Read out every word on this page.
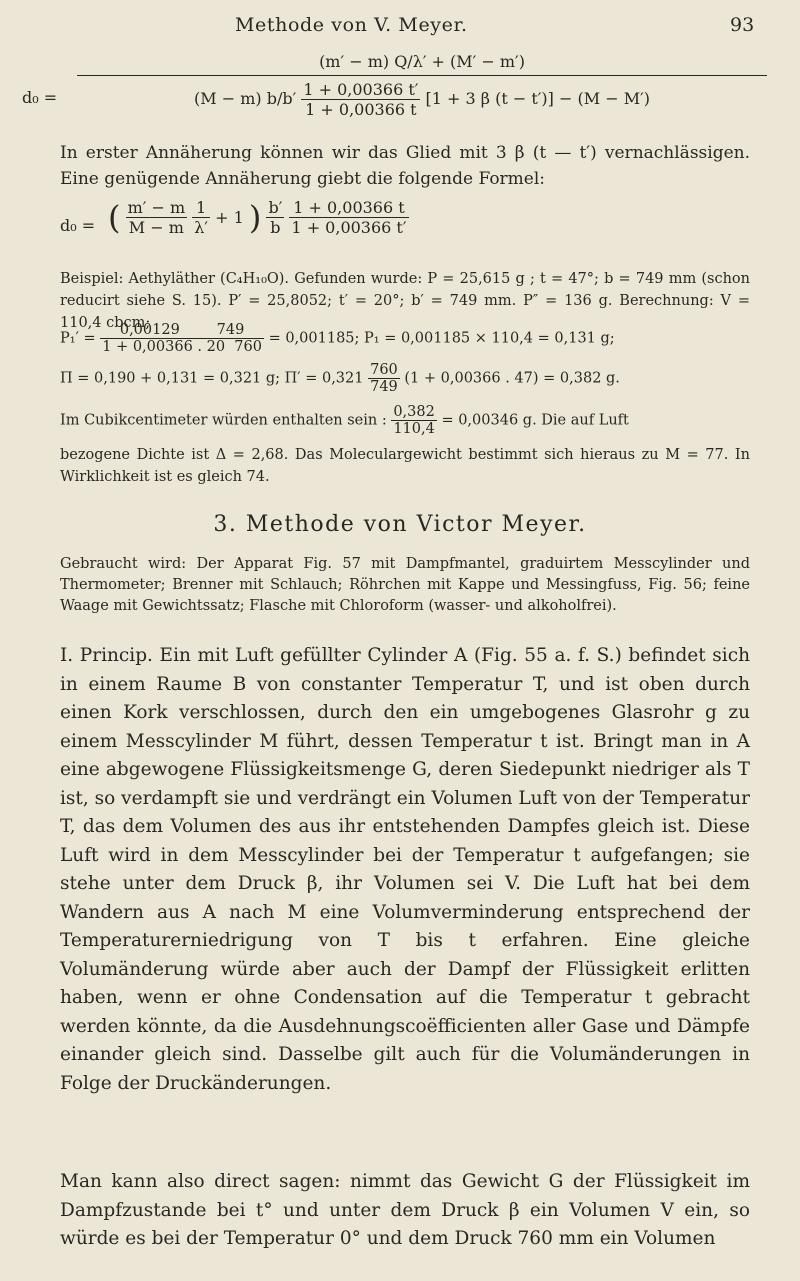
Methode von V. Meyer.	93
d₀ =
(m′ − m) Q/λ′ + (M′ − m′)
(M − m) $b/b' \frac{1 + 0,00366 t'}{1 + 0,00366 t} [1 + 3$ β (t − t′)] − (M − M′)

In erster Annäherung können wir das Glied mit 3 β (t — t′) vernachlässigen. Eine genügende Annäherung giebt die folgende Formel:

d₀ = ( $\frac{m' - m}{M - m}$
$\frac{1}{\lambda'} + 1$ ) $\frac{b'}{b}$
$\frac{1 + 0,00366 t}{1 + 0,00366 t'}$

Beispiel: Aethyläther (C₄H₁₀O). Gefunden wurde: P = 25,615 g ; t = 47°; b = 749 mm (schon reducirt siehe S. 15). P′ = 25,8052; t′ = 20°; b′ = 749 mm. P″ = 136 g. Berechnung: V = 110,4 cbcm;

$P_1' = \frac{0,00129 749}{1 + 0,00366 . 20 760} = 0,001185$; P₁ = 0,001185 × 110,4 = 0,131 g;
Π = 0,190 + 0,131 = 0,321 g; $\Pi' = 0,321 \frac{760}{749} (1 + 0,00366$ . 47) = 0,382 g.
Im Cubikcentimeter würden enthalten sein : $\frac{0,382}{110,4} = 0,00346$ g. Die auf Luft

bezogene Dichte ist Δ = 2,68. Das Moleculargewicht bestimmt sich hieraus zu M = 77. In Wirklichkeit ist es gleich 74.

3. Methode von Victor Meyer.

Gebraucht wird: Der Apparat Fig. 57 mit Dampfmantel, graduirtem Messcylinder und Thermometer; Brenner mit Schlauch; Röhrchen mit Kappe und Messingfuss, Fig. 56; feine Waage mit Gewichtssatz; Flasche mit Chloroform (wasser- und alkoholfrei).

I. Princip. Ein mit Luft gefüllter Cylinder A (Fig. 55 a. f. S.) befindet sich in einem Raume B von constanter Temperatur T, und ist oben durch einen Kork verschlossen, durch den ein umgebogenes Glasrohr g zu einem Messcylinder M führt, dessen Temperatur t ist. Bringt man in A eine abgewogene Flüssigkeitsmenge G, deren Siedepunkt niedriger als T ist, so verdampft sie und verdrängt ein Volumen Luft von der Temperatur T, das dem Volumen des aus ihr entstehenden Dampfes gleich ist. Diese Luft wird in dem Messcylinder bei der Temperatur t aufgefangen; sie stehe unter dem Druck β, ihr Volumen sei V. Die Luft hat bei dem Wandern aus A nach M eine Volumverminderung entsprechend der Temperaturerniedrigung von T bis t erfahren. Eine gleiche Volumänderung würde aber auch der Dampf der Flüssigkeit erlitten haben, wenn er ohne Condensation auf die Temperatur t gebracht werden könnte, da die Ausdehnungscoëfficienten aller Gase und Dämpfe einander gleich sind. Dasselbe gilt auch für die Volumänderungen in Folge der Druckänderungen.

Man kann also direct sagen: nimmt das Gewicht G der Flüssigkeit im Dampfzustande bei t° und unter dem Druck β ein Volumen V ein, so würde es bei der Temperatur 0° und dem Druck 760 mm ein Volumen
